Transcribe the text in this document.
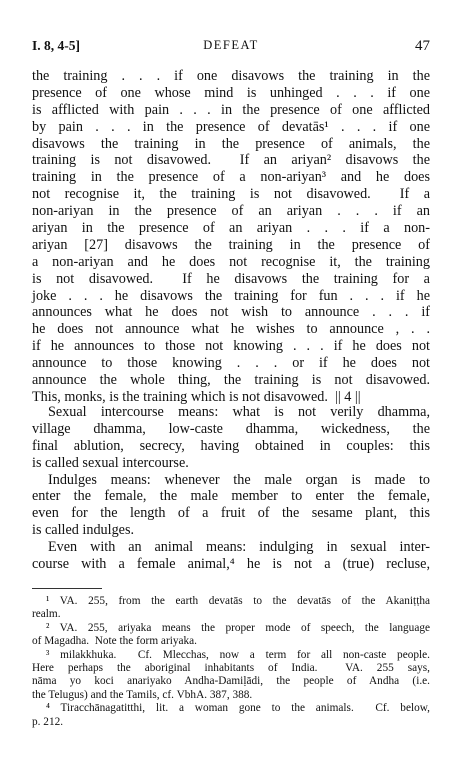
I. 8, 4-5]	DEFEAT	47
the training . . . if one disavows the training in the
presence of one whose mind is unhinged . . . if one
is afflicted with pain . . . in the presence of one afflicted
by pain . . . in the presence of devatās¹ . . . if one
disavows the training in the presence of animals, the
training is not disavowed.  If an ariyan² disavows the
training in the presence of a non-ariyan³ and he does
not recognise it, the training is not disavowed.  If a
non-ariyan in the presence of an ariyan . . . if an
ariyan in the presence of an ariyan . . . if a non-
ariyan [27] disavows the training in the presence of
a non-ariyan and he does not recognise it, the training
is not disavowed.  If he disavows the training for a
joke . . . he disavows the training for fun . . . if he
announces what he does not wish to announce . . . if
he does not announce what he wishes to announce , . .
if he announces to those not knowing . . . if he does not
announce to those knowing . . . or if he does not
announce the whole thing, the training is not disavowed.
This, monks, is the training which is not disavowed.  || 4 ||
Sexual intercourse means: what is not verily dhamma,
village dhamma, low-caste dhamma, wickedness, the
final ablution, secrecy, having obtained in couples: this
is called sexual intercourse.
Indulges means: whenever the male organ is made to
enter the female, the male member to enter the female,
even for the length of a fruit of the sesame plant, this
is called indulges.
Even with an animal means: indulging in sexual inter-
course with a female animal,⁴ he is not a (true) recluse,
¹ VA. 255, from the earth devatās to the devatās of the Akaniṭṭha
realm.
² VA. 255, ariyaka means the proper mode of speech, the language
of Magadha.  Note the form ariyaka.
³ milakkhuka.  Cf. Mlecchas, now a term for all non-caste people.
Here perhaps the aboriginal inhabitants of India.  VA. 255 says,
nāma yo koci anariyako Andha-Damiḷādi, the people of Andha (i.e.
the Telugus) and the Tamils, cf. VbhA. 387, 388.
⁴ Tiracchānagatitthi, lit. a woman gone to the animals.  Cf. below,
p. 212.
